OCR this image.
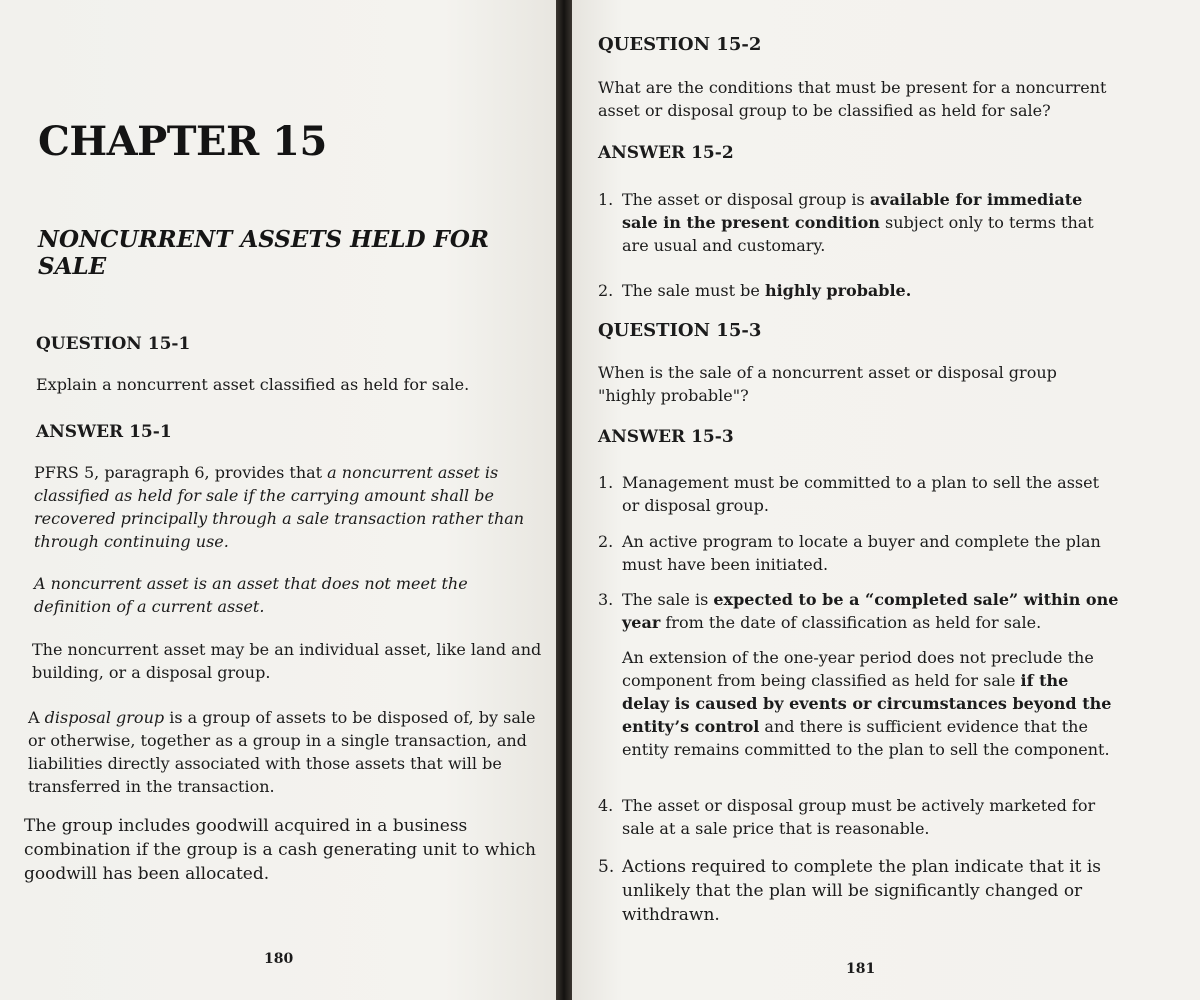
CHAPTER 15
NONCURRENT ASSETS HELD FOR SALE
QUESTION 15-1
Explain a noncurrent asset classified as held for sale.
ANSWER 15-1
PFRS 5, paragraph 6, provides that a noncurrent asset is classified as held for sale if the carrying amount shall be recovered principally through a sale transaction rather than through continuing use.
A noncurrent asset is an asset that does not meet the definition of a current asset.
The noncurrent asset may be an individual asset, like land and building, or a disposal group.
A disposal group is a group of assets to be disposed of, by sale or otherwise, together as a group in a single transaction, and liabilities directly associated with those assets that will be transferred in the transaction.
The group includes goodwill acquired in a business combination if the group is a cash generating unit to which goodwill has been allocated.
180
QUESTION 15-2
What are the conditions that must be present for a noncurrent asset or disposal group to be classified as held for sale?
ANSWER 15-2
1. The asset or disposal group is available for immediate sale in the present condition subject only to terms that are usual and customary.
2. The sale must be highly probable.
QUESTION 15-3
When is the sale of a noncurrent asset or disposal group "highly probable"?
ANSWER 15-3
1. Management must be committed to a plan to sell the asset or disposal group.
2. An active program to locate a buyer and complete the plan must have been initiated.
3. The sale is expected to be a “completed sale” within one year from the date of classification as held for sale.
An extension of the one-year period does not preclude the component from being classified as held for sale if the delay is caused by events or circumstances beyond the entity’s control and there is sufficient evidence that the entity remains committed to the plan to sell the component.
4. The asset or disposal group must be actively marketed for sale at a sale price that is reasonable.
5. Actions required to complete the plan indicate that it is unlikely that the plan will be significantly changed or withdrawn.
181
